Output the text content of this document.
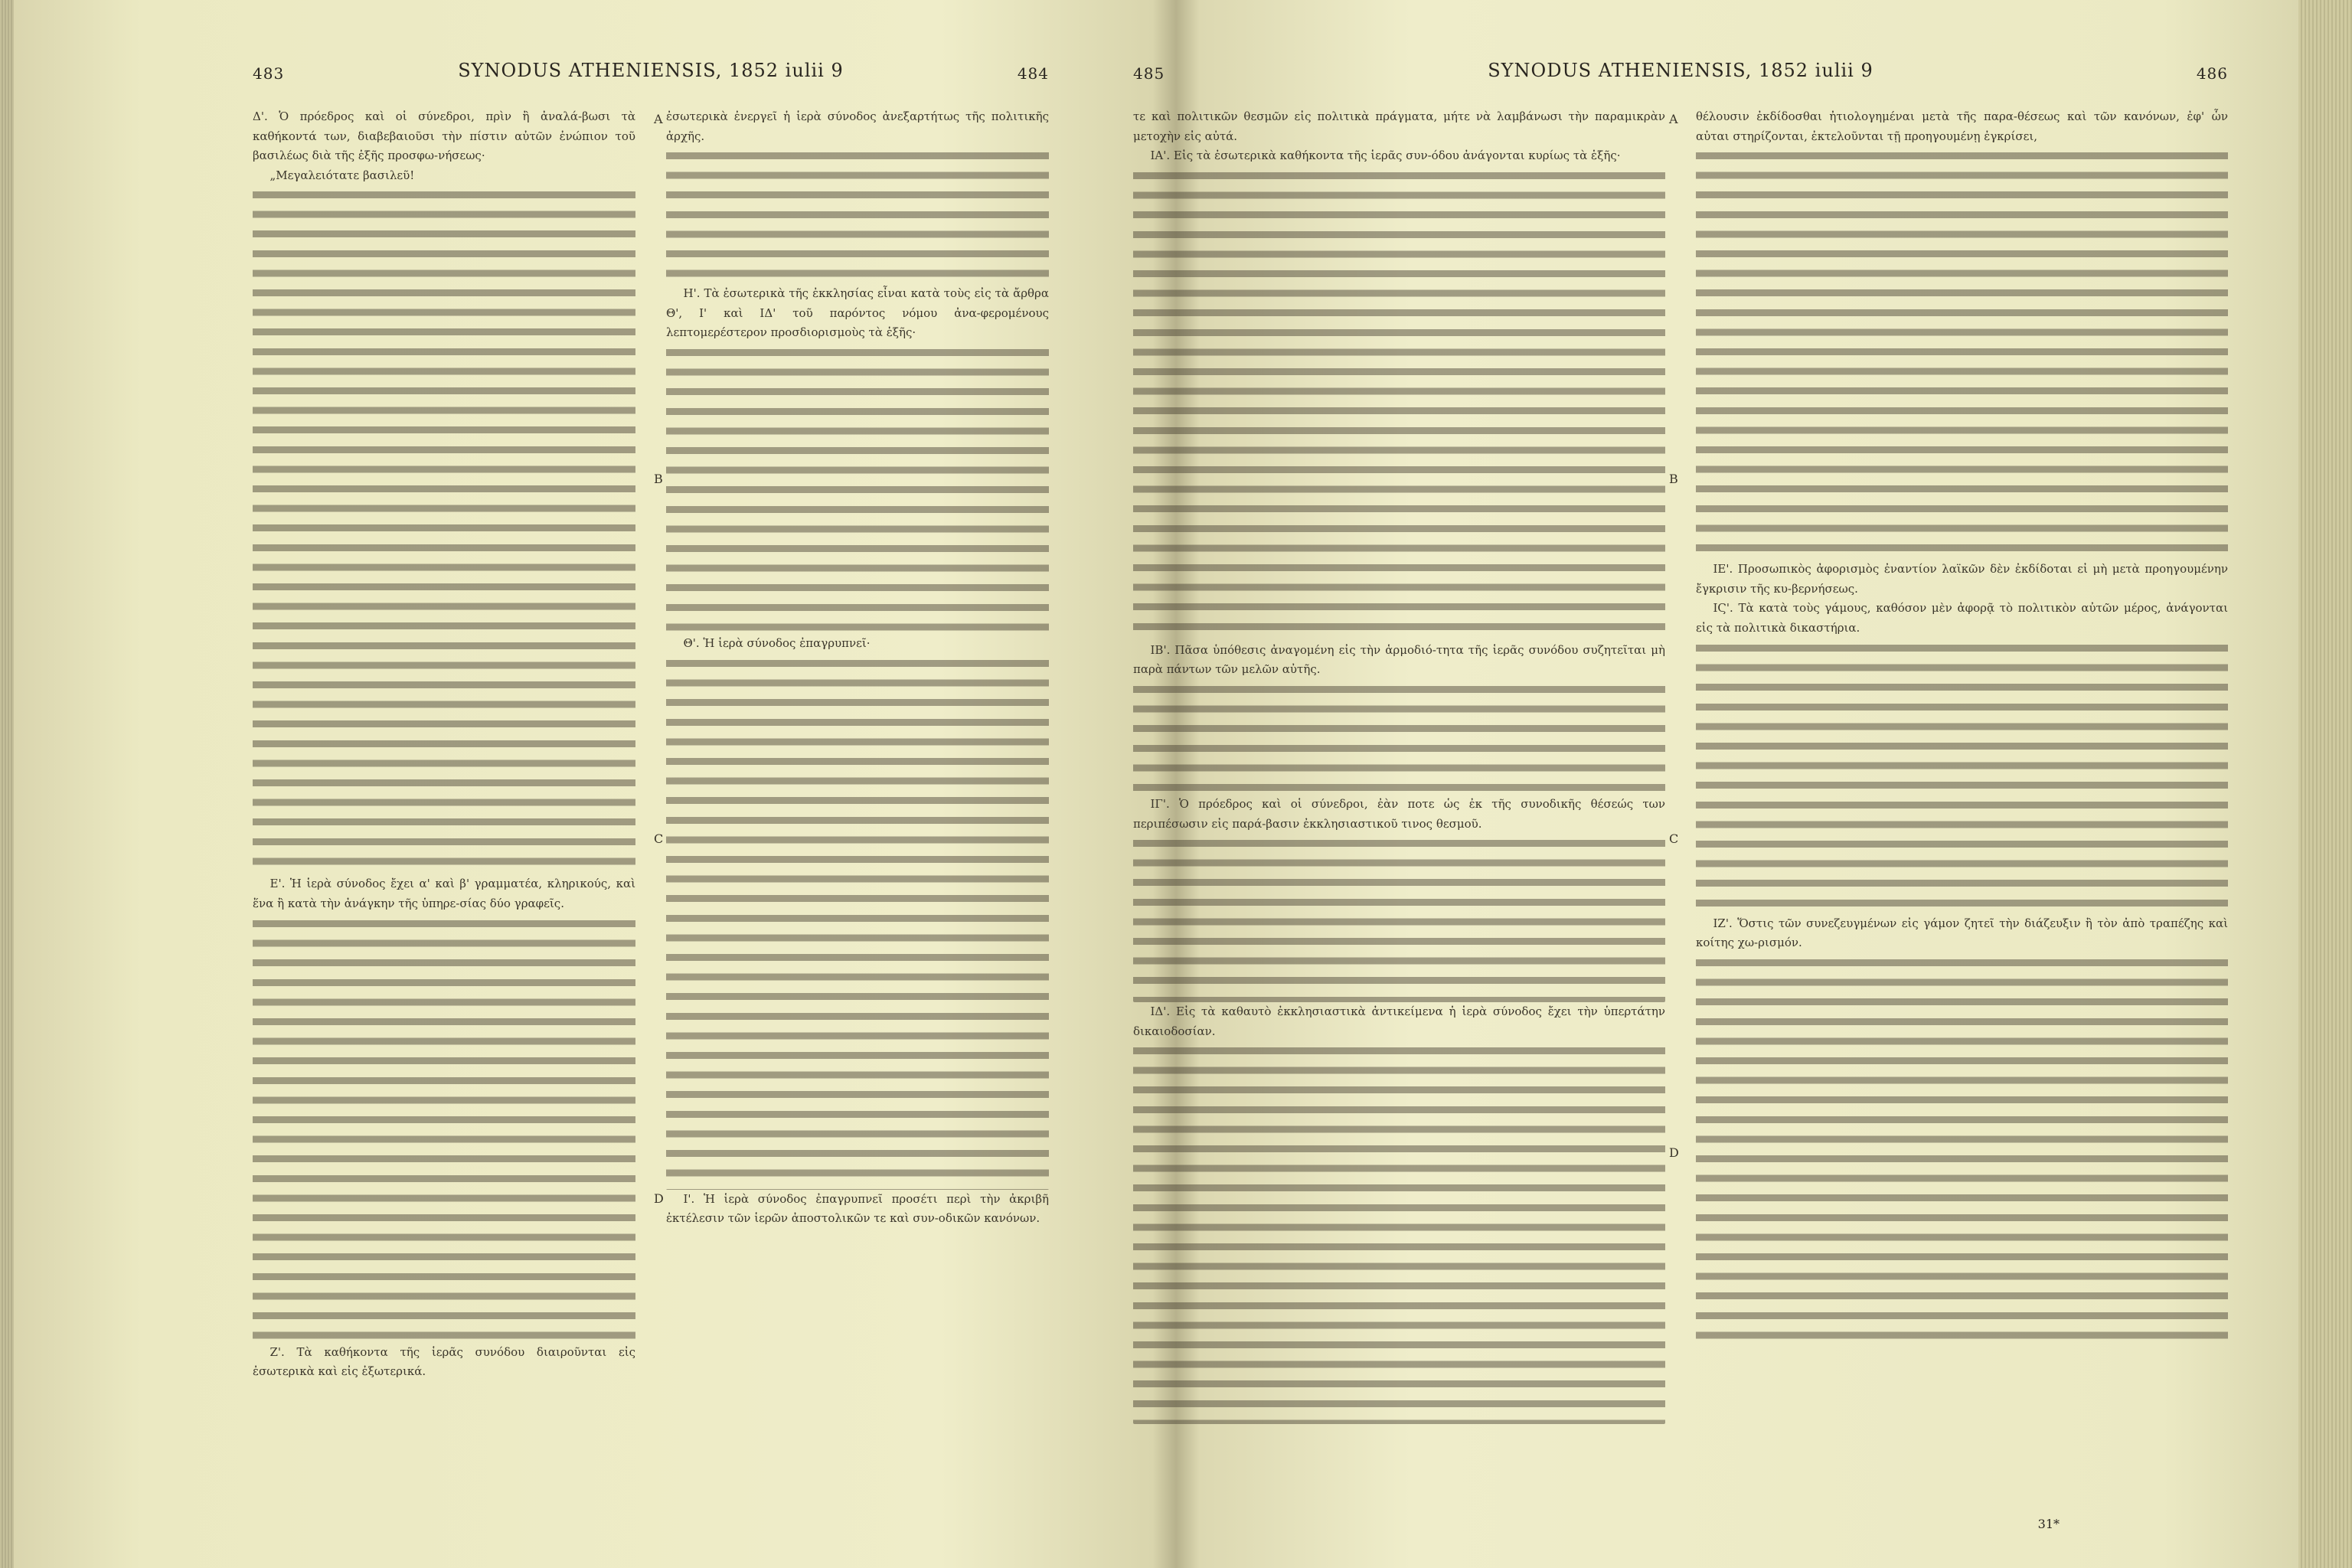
483	SYNODUS ATHENIENSIS, 1852 iulii 9	484

Δ'. Ὁ πρόεδρος καὶ οἱ σύνεδροι, πρὶν ἢ ἀναλά-βωσι τὰ καθήκοντά των, διαβεβαιοῦσι τὴν πίστιν αὐτῶν ἐνώπιον τοῦ βασιλέως διὰ τῆς ἑξῆς προσφω-νήσεως·

„Μεγαλειότατε βασιλεῦ!

Ε'. Ἡ ἱερὰ σύνοδος ἔχει α' καὶ β' γραμματέα, κληρικούς, καὶ ἕνα ἢ κατὰ τὴν ἀνάγκην τῆς ὑπηρε-σίας δύο γραφεῖς.

Ζ'. Τὰ καθήκοντα τῆς ἱερᾶς συνόδου διαιροῦνται εἰς ἐσωτερικὰ καὶ εἰς ἐξωτερικά.

ἐσωτερικὰ ἐνεργεῖ ἡ ἱερὰ σύνοδος ἀνεξαρτήτως τῆς πολιτικῆς ἀρχῆς.

Η'. Τὰ ἐσωτερικὰ τῆς ἐκκλησίας εἶναι κατὰ τοὺς εἰς τὰ ἄρθρα Θ', Ι' καὶ ΙΔ' τοῦ παρόντος νόμου ἀνα-φερομένους λεπτομερέστερον προσδιορισμοὺς τὰ ἑξῆς·

Θ'. Ἡ ἱερὰ σύνοδος ἐπαγρυπνεῖ·

Ι'. Ἡ ἱερὰ σύνοδος ἐπαγρυπνεῖ προσέτι περὶ τὴν ἀκριβῆ ἐκτέλεσιν τῶν ἱερῶν ἀποστολικῶν τε καὶ συν-οδικῶν κανόνων.

A
B
C
D
485	SYNODUS ATHENIENSIS, 1852 iulii 9	486

τε καὶ πολιτικῶν θεσμῶν εἰς πολιτικὰ πράγματα, μήτε νὰ λαμβάνωσι τὴν παραμικρὰν μετοχὴν εἰς αὐτά.

ΙΑ'. Εἰς τὰ ἐσωτερικὰ καθήκοντα τῆς ἱερᾶς συν-όδου ἀνάγονται κυρίως τὰ ἑξῆς·

ΙΒ'. Πᾶσα ὑπόθεσις ἀναγομένη εἰς τὴν ἁρμοδιό-τητα τῆς ἱερᾶς συνόδου συζητεῖται μὴ παρὰ πάντων τῶν μελῶν αὐτῆς.

ΙΓ'. Ὁ πρόεδρος καὶ οἱ σύνεδροι, ἐὰν ποτε ὡς ἐκ τῆς συνοδικῆς θέσεώς των περιπέσωσιν εἰς παρά-βασιν ἐκκλησιαστικοῦ τινος θεσμοῦ.

ΙΔ'. Εἰς τὰ καθαυτὸ ἐκκλησιαστικὰ ἀντικείμενα ἡ ἱερὰ σύνοδος ἔχει τὴν ὑπερτάτην δικαιοδοσίαν.

θέλουσιν ἐκδίδοσθαι ἠτιολογημέναι μετὰ τῆς παρα-θέσεως καὶ τῶν κανόνων, ἐφ' ὧν αὐται στηρίζονται, ἐκτελοῦνται τῇ προηγουμένῃ ἐγκρίσει,

ΙΕ'. Προσωπικὸς ἀφορισμὸς ἐναντίον λαϊκῶν δὲν ἐκδίδοται εἰ μὴ μετὰ προηγουμένην ἔγκρισιν τῆς κυ-βερνήσεως.

ΙϚ'. Τὰ κατὰ τοὺς γάμους, καθόσον μὲν ἀφορᾷ τὸ πολιτικὸν αὐτῶν μέρος, ἀνάγονται εἰς τὰ πολιτικὰ δικαστήρια.

ΙΖ'. Ὅστις τῶν συνεζευγμένων εἰς γάμον ζητεῖ τὴν διάζευξιν ἢ τὸν ἀπὸ τραπέζης καὶ κοίτης χω-ρισμόν.

A
B
C
D
31*
